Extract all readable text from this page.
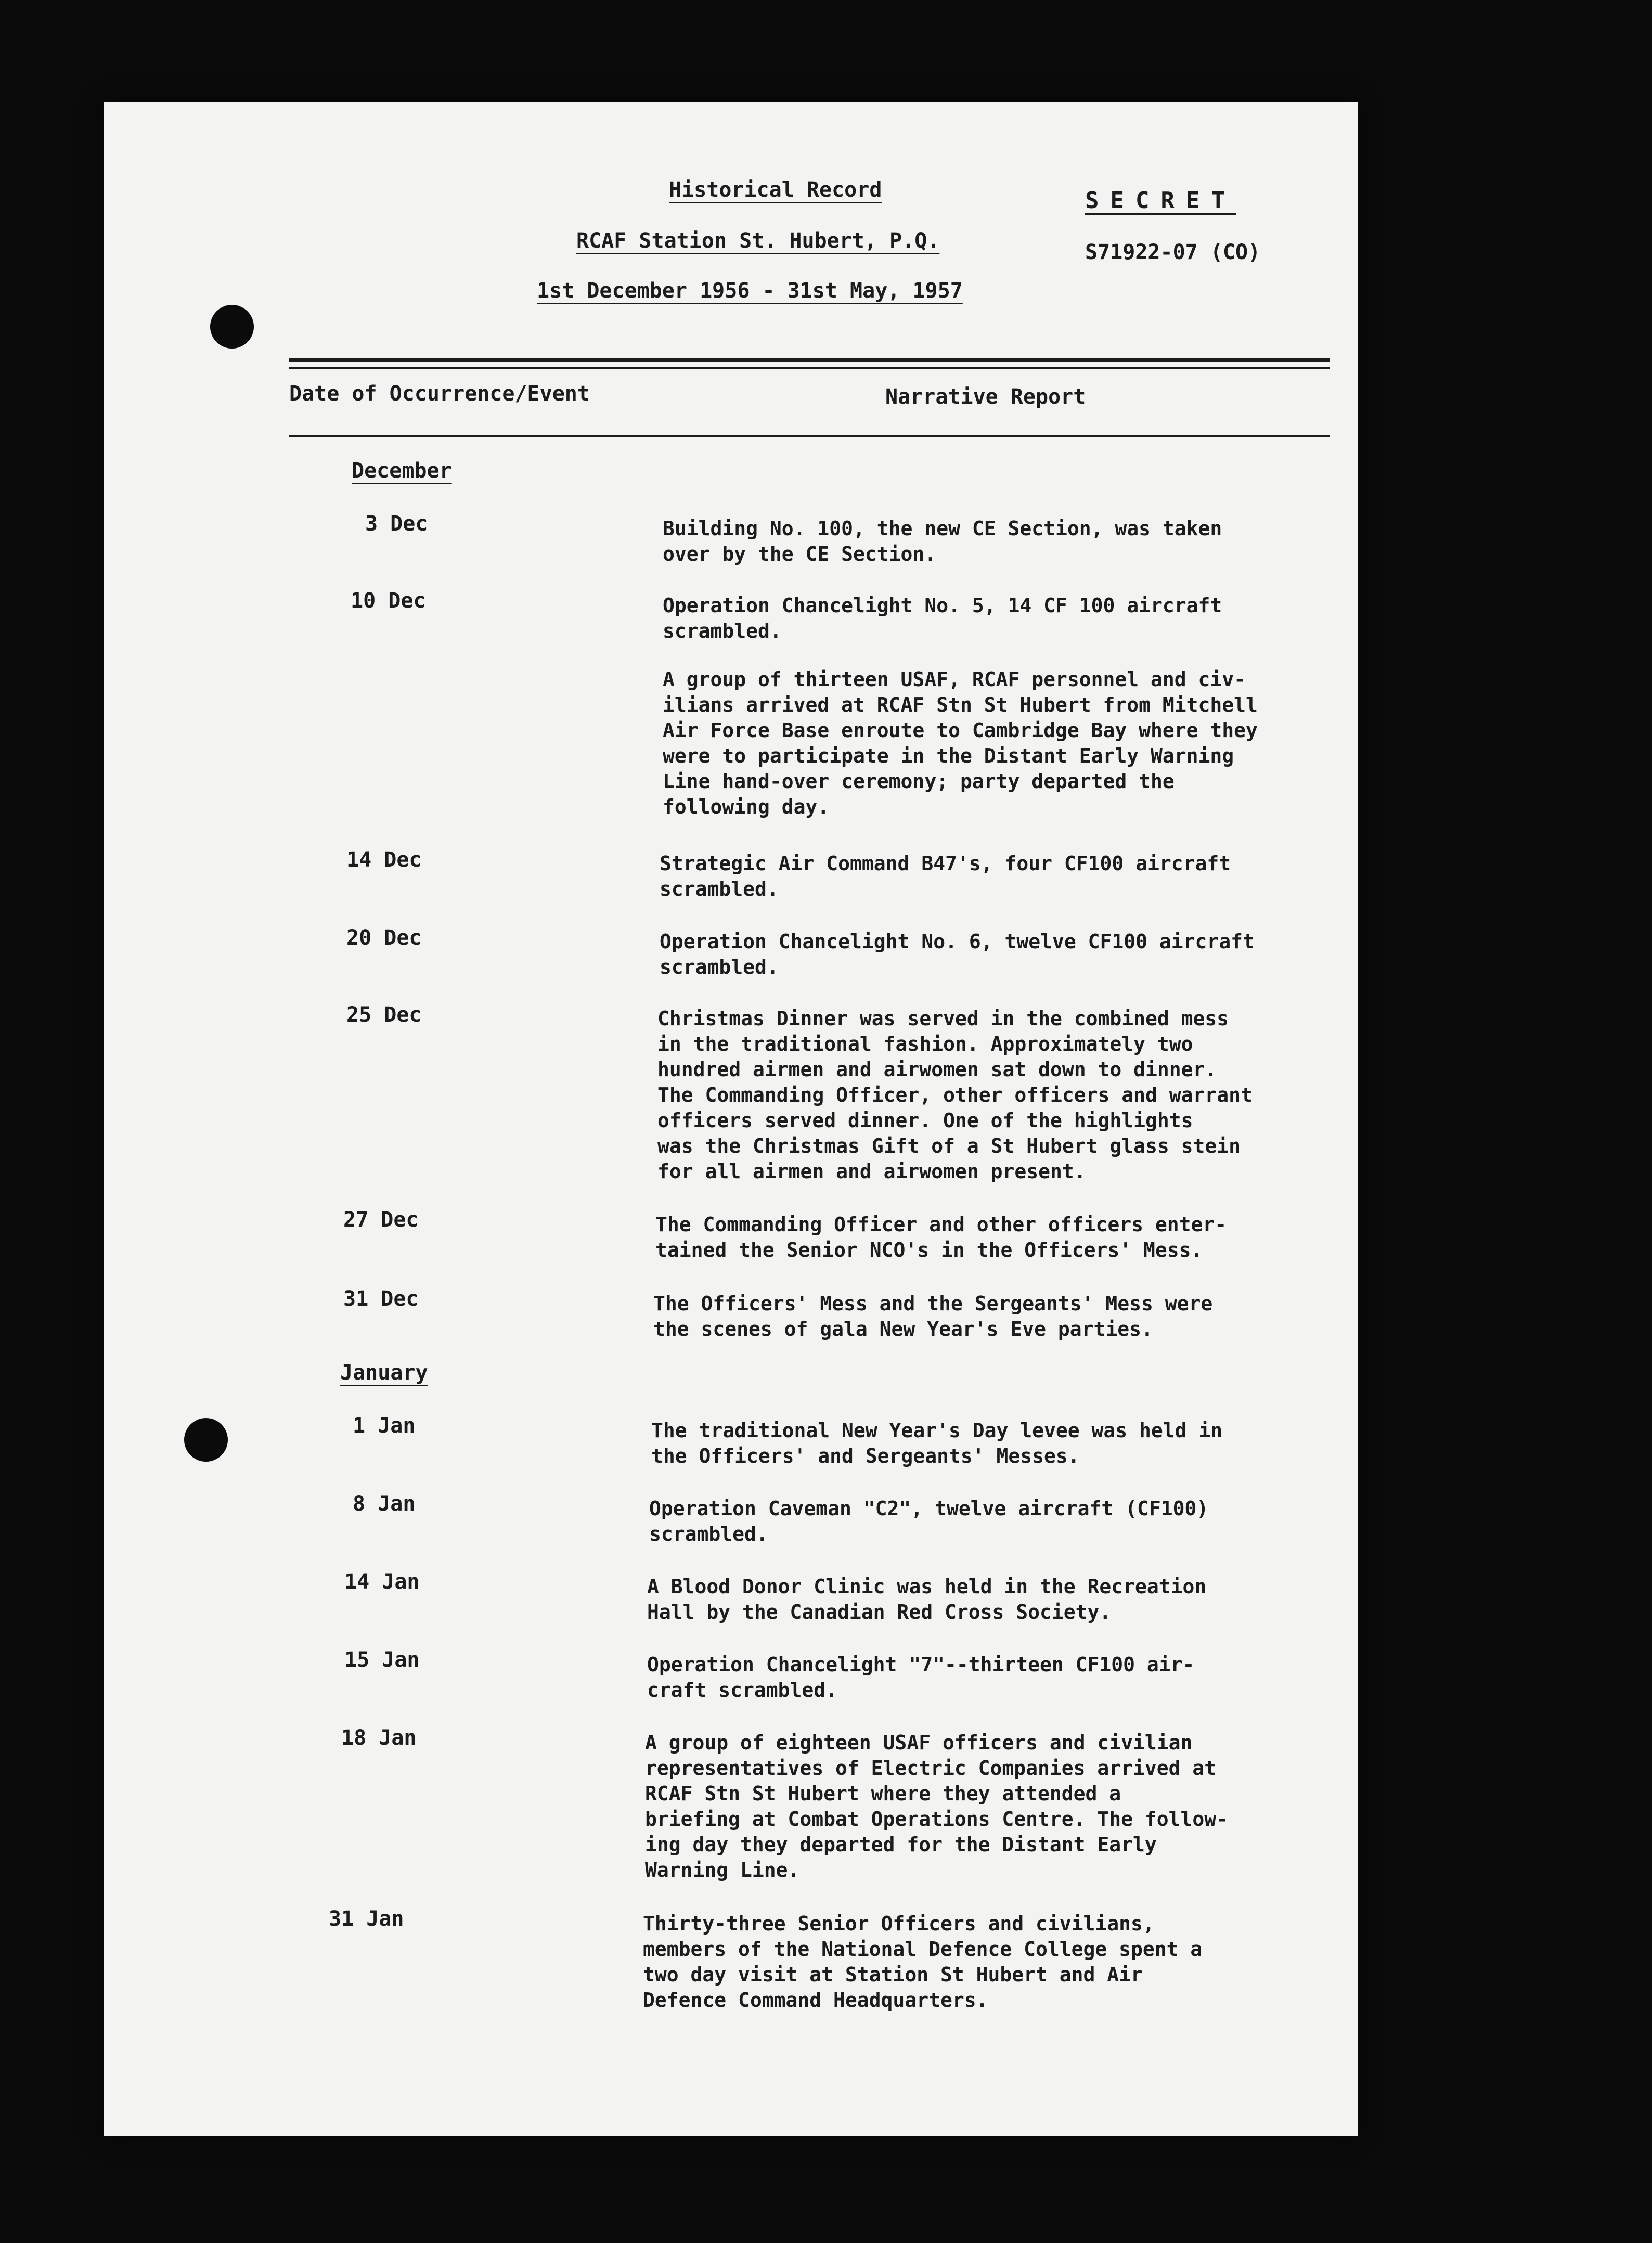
Historical Record
RCAF Station St. Hubert, P.Q.
1st December 1956 - 31st May, 1957
SECRET
S71922-07 (CO)
Date of Occurrence/Event	Narrative Report
December
3 Dec	Building No. 100, the new CE Section, was taken
over by the CE Section.
10 Dec	Operation Chancelight No. 5, 14 CF 100 aircraft
scrambled.
A group of thirteen USAF, RCAF personnel and civ-
ilians arrived at RCAF Stn St Hubert from Mitchell
Air Force Base enroute to Cambridge Bay where they
were to participate in the Distant Early Warning
Line hand-over ceremony; party departed the
following day.
14 Dec	Strategic Air Command B47's, four CF100 aircraft
scrambled.
20 Dec	Operation Chancelight No. 6, twelve CF100 aircraft
scrambled.
25 Dec	Christmas Dinner was served in the combined mess
in the traditional fashion. Approximately two
hundred airmen and airwomen sat down to dinner.
The Commanding Officer, other officers and warrant
officers served dinner. One of the highlights
was the Christmas Gift of a St Hubert glass stein
for all airmen and airwomen present.
27 Dec	The Commanding Officer and other officers enter-
tained the Senior NCO's in the Officers' Mess.
31 Dec	The Officers' Mess and the Sergeants' Mess were
the scenes of gala New Year's Eve parties.
January
1 Jan	The traditional New Year's Day levee was held in
the Officers' and Sergeants' Messes.
8 Jan	Operation Caveman "C2", twelve aircraft (CF100)
scrambled.
14 Jan	A Blood Donor Clinic was held in the Recreation
Hall by the Canadian Red Cross Society.
15 Jan	Operation Chancelight "7"--thirteen CF100 air-
craft scrambled.
18 Jan	A group of eighteen USAF officers and civilian
representatives of Electric Companies arrived at
RCAF Stn St Hubert where they attended a
briefing at Combat Operations Centre. The follow-
ing day they departed for the Distant Early
Warning Line.
31 Jan	Thirty-three Senior Officers and civilians,
members of the National Defence College spent a
two day visit at Station St Hubert and Air
Defence Command Headquarters.
